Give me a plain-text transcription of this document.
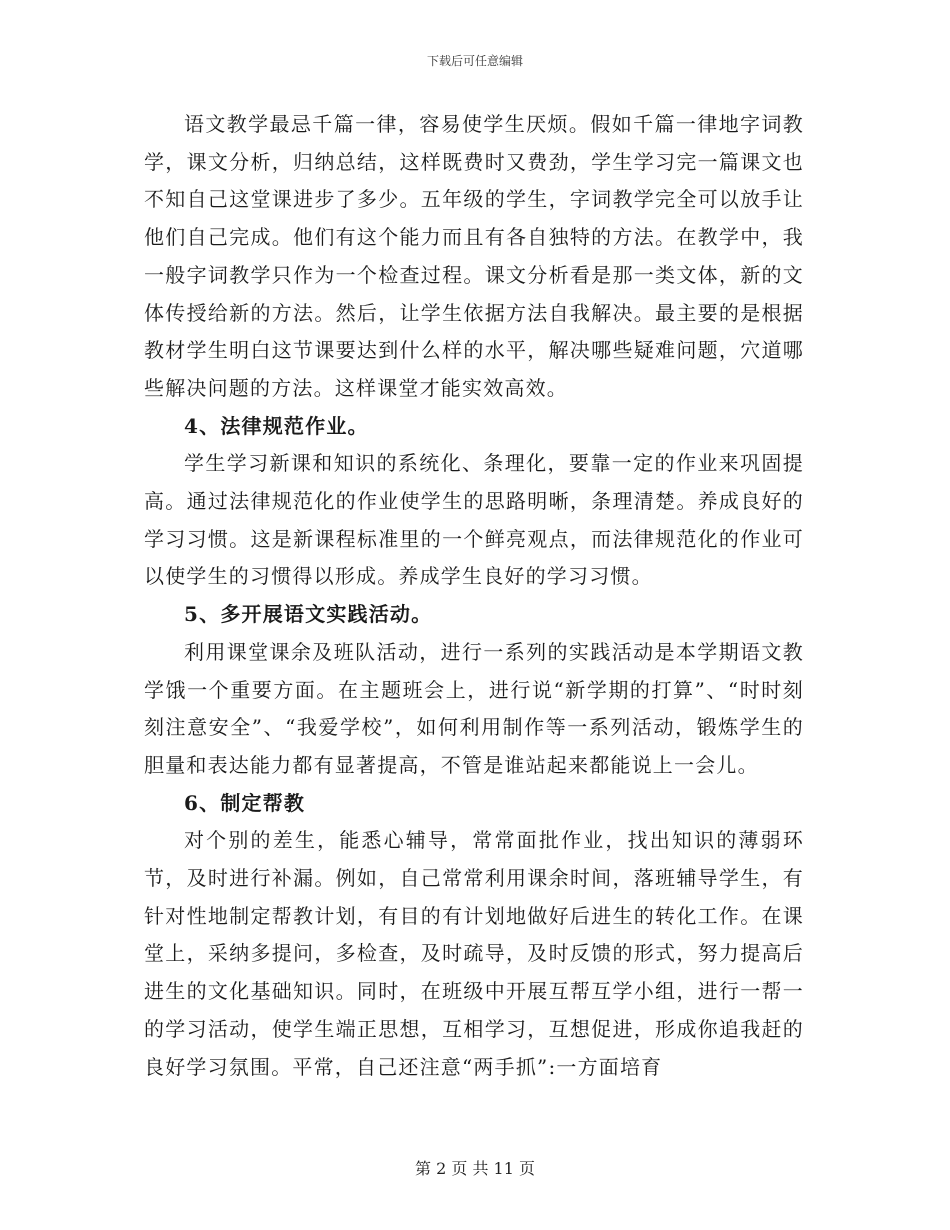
下载后可任意编辑

语文教学最忌千篇一律，容易使学生厌烦。假如千篇一律地字词教学，课文分析，归纳总结，这样既费时又费劲，学生学习完一篇课文也不知自己这堂课进步了多少。五年级的学生，字词教学完全可以放手让他们自己完成。他们有这个能力而且有各自独特的方法。在教学中，我一般字词教学只作为一个检查过程。课文分析看是那一类文体，新的文体传授给新的方法。然后，让学生依据方法自我解决。最主要的是根据教材学生明白这节课要达到什么样的水平，解决哪些疑难问题，穴道哪些解决问题的方法。这样课堂才能实效高效。

4、法律规范作业。

学生学习新课和知识的系统化、条理化，要靠一定的作业来巩固提高。通过法律规范化的作业使学生的思路明晰，条理清楚。养成良好的学习习惯。这是新课程标准里的一个鲜亮观点，而法律规范化的作业可以使学生的习惯得以形成。养成学生良好的学习习惯。

5、多开展语文实践活动。

利用课堂课余及班队活动，进行一系列的实践活动是本学期语文教学饿一个重要方面。在主题班会上，进行说“新学期的打算”、“时时刻刻注意安全”、“我爱学校”，如何利用制作等一系列活动，锻炼学生的胆量和表达能力都有显著提高，不管是谁站起来都能说上一会儿。

6、制定帮教

对个别的差生，能悉心辅导，常常面批作业，找出知识的薄弱环节，及时进行补漏。例如，自己常常利用课余时间，落班辅导学生，有针对性地制定帮教计划，有目的有计划地做好后进生的转化工作。在课堂上，采纳多提问，多检查，及时疏导，及时反馈的形式，努力提高后进生的文化基础知识。同时，在班级中开展互帮互学小组，进行一帮一的学习活动，使学生端正思想，互相学习，互想促进，形成你追我赶的良好学习氛围。平常，自己还注意“两手抓”:一方面培育

第 2 页 共 11 页
